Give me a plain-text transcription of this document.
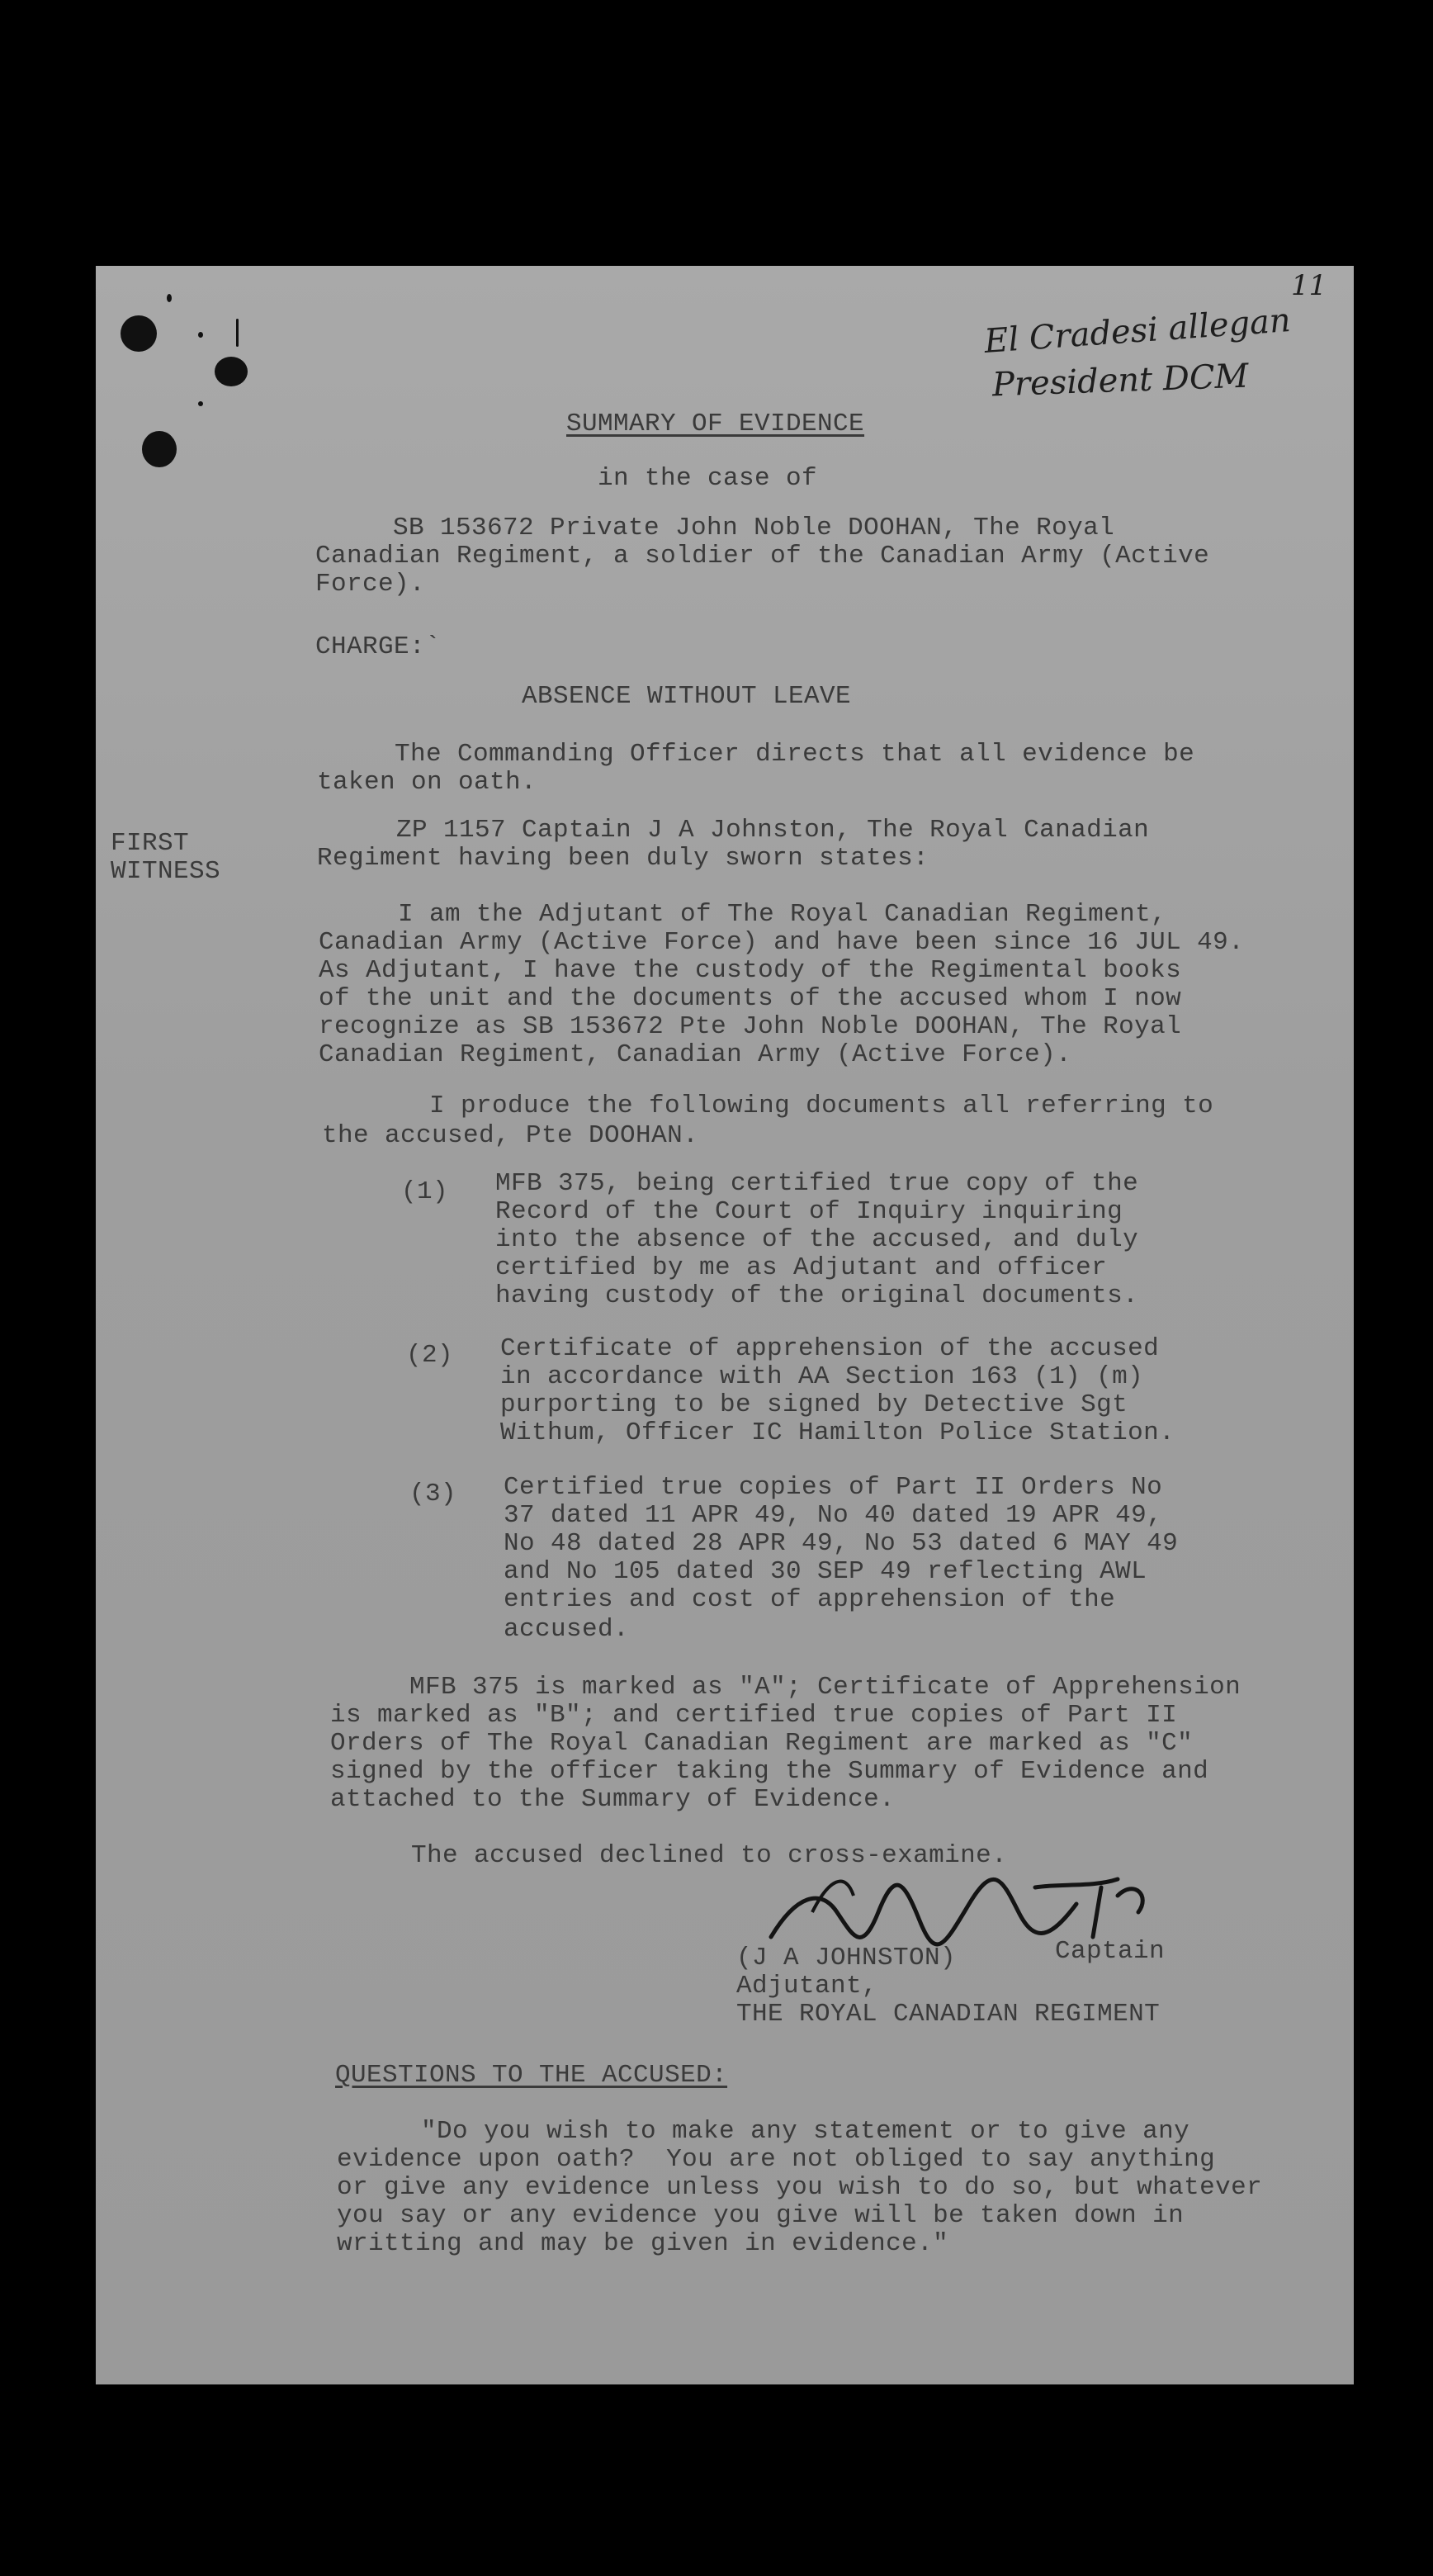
11
El Cradesi allegan
President DCM
SUMMARY OF EVIDENCE
in the case of
SB 153672 Private John Noble DOOHAN, The Royal
Canadian Regiment, a soldier of the Canadian Army (Active
Force).
CHARGE:`
ABSENCE WITHOUT LEAVE
The Commanding Officer directs that all evidence be
taken on oath.
FIRST
WITNESS
ZP 1157 Captain J A Johnston, The Royal Canadian
Regiment having been duly sworn states:
I am the Adjutant of The Royal Canadian Regiment,
Canadian Army (Active Force) and have been since 16 JUL 49.
As Adjutant, I have the custody of the Regimental books
of the unit and the documents of the accused whom I now
recognize as SB 153672 Pte John Noble DOOHAN, The Royal
Canadian Regiment, Canadian Army (Active Force).
I produce the following documents all referring to
the accused, Pte DOOHAN.
(1) MFB 375, being certified true copy of the
Record of the Court of Inquiry inquiring
into the absence of the accused, and duly
certified by me as Adjutant and officer
having custody of the original documents.
(2) Certificate of apprehension of the accused
in accordance with AA Section 163 (1) (m)
purporting to be signed by Detective Sgt
Withum, Officer IC Hamilton Police Station.
(3) Certified true copies of Part II Orders No
37 dated 11 APR 49, No 40 dated 19 APR 49,
No 48 dated 28 APR 49, No 53 dated 6 MAY 49
and No 105 dated 30 SEP 49 reflecting AWL
entries and cost of apprehension of the
accused.
MFB 375 is marked as "A"; Certificate of Apprehension
is marked as "B"; and certified true copies of Part II
Orders of The Royal Canadian Regiment are marked as "C"
signed by the officer taking the Summary of Evidence and
attached to the Summary of Evidence.
The accused declined to cross-examine.
(J A JOHNSTON)	Captain
Adjutant,
THE ROYAL CANADIAN REGIMENT
QUESTIONS TO THE ACCUSED:
"Do you wish to make any statement or to give any
evidence upon oath?  You are not obliged to say anything
or give any evidence unless you wish to do so, but whatever
you say or any evidence you give will be taken down in
writting and may be given in evidence."
